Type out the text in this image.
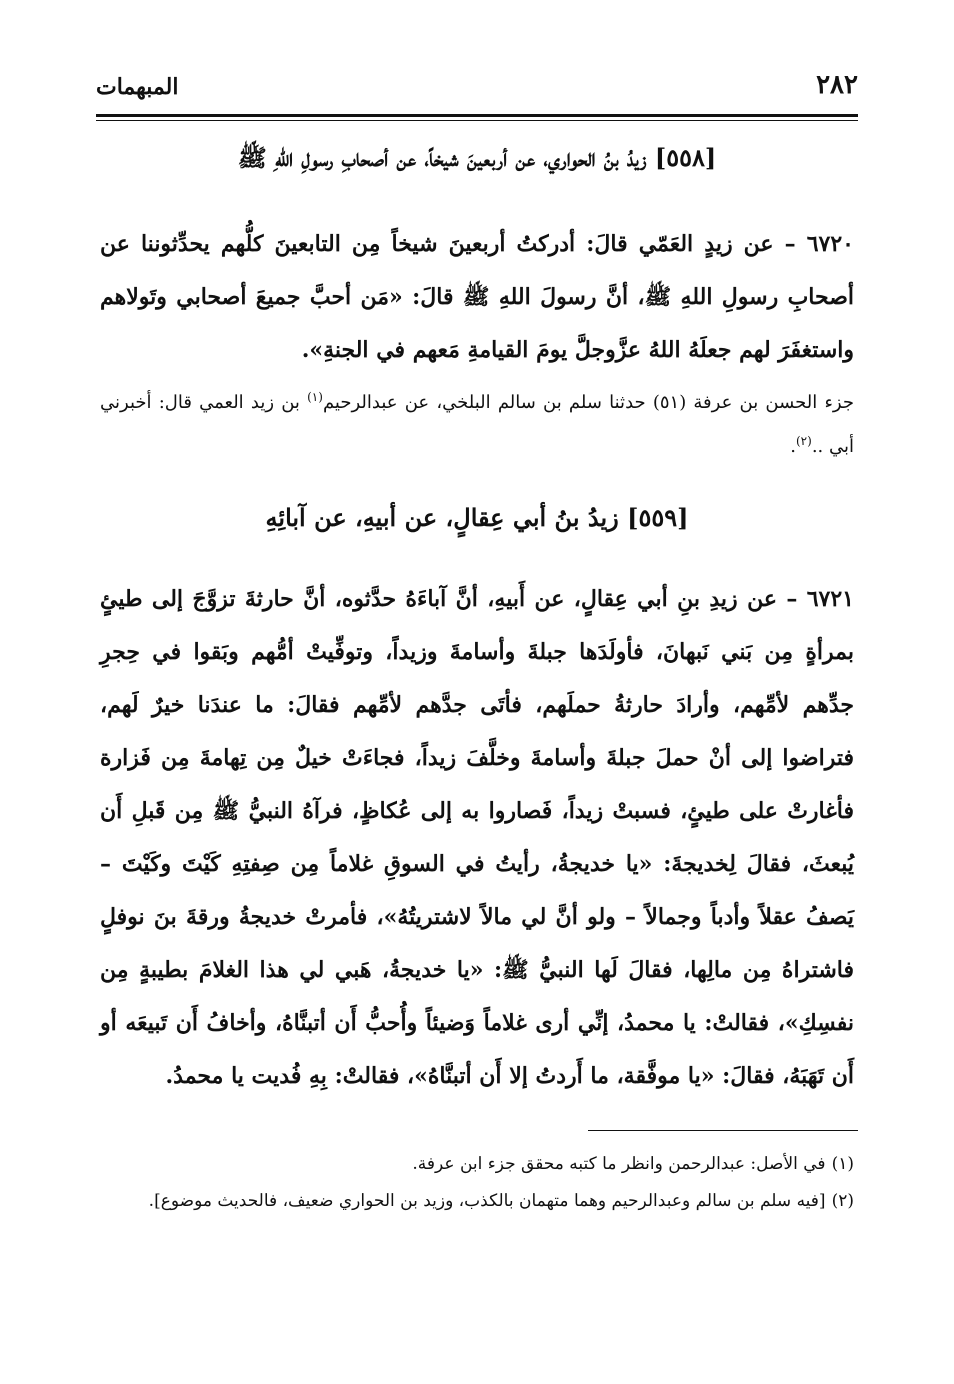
المبهمات	٢٨٢
[٥٥٨] زيدُ بنُ الحواري، عن أربعينَ شيخاً، عن أصحابِ رسولِ اللهِ ﷺ
٦٧٢٠ – عن زيدٍ العَمّي قالَ: أدركتُ أربعينَ شيخاً مِن التابعينَ كلُّهم يحدِّثوننا عن أصحابِ رسولِ اللهِ ﷺ، أنَّ رسولَ اللهِ ﷺ قالَ: «مَن أحبَّ جميعَ أصحابي وتَولاهم واستغفَرَ لهم جعلَهُ اللهُ عزَّوجلَّ يومَ القيامةِ مَعهم في الجنةِ».
جزء الحسن بن عرفة (٥١) حدثنا سلم بن سالم البلخي، عن عبدالرحيم$^{(١)}$ بن زيد العمي قال: أخبرني أبي ..$^{(٢)}$.
[٥٥٩] زيدُ بنُ أبي عِقالٍ، عن أبيهِ، عن آبائِهِ
٦٧٢١ – عن زيدِ بنِ أبي عِقالٍ، عن أَبيهِ، أنَّ آباءَهُ حدَّثوه، أنَّ حارثةَ تزوَّجَ إلى طيئٍ بمرأةٍ مِن بَني نَبهانَ، فأولَدَها جبلةَ وأسامةَ وزيداً، وتوفِّيتْ أمُّهم وبَقوا في حِجرِ جدِّهم لأمِّهم، وأرادَ حارثةُ حملَهم، فأتَى جدَّهم لأمِّهم فقالَ: ما عندَنا خيرٌ لَهم، فتراضوا إلى أنْ حملَ جبلةَ وأسامةَ وخلَّفَ زيداً، فجاءَتْ خيلٌ مِن تِهامةَ مِن فَزارة فأغارتْ على طيئٍ، فسبتْ زيداً، فَصاروا به إلى عُكاظٍ، فرآهُ النبيُّ ﷺ مِن قَبلِ أَن يُبعثَ، فقالَ لِخديجةَ: «يا خديجةُ، رأيتُ في السوقِ غلاماً مِن صِفتِهِ كَيْتَ وكَيْتَ – يَصفُ عقلاً وأدباً وجمالاً – ولو أنَّ لي مالاً لاشتريتُهُ»، فأمرتْ خديجةُ ورقةَ بنَ نوفلٍ فاشتراهُ مِن مالِها، فقالَ لَها النبيُّ ﷺ: «يا خديجةُ، هَبي لي هذا الغلامَ بطيبةٍ مِن نفسِكِ»، فقالتْ: يا محمدُ، إنِّي أرى غلاماً وَضيئاً وأُحبُّ أَن أتبنَّاهُ، وأخافُ أَن تَبيعَه أو أَن تَهَبَهُ، فقالَ: «يا موفَّقة، ما أَردتُ إلا أَن أتبنَّاهُ»، فقالتْ: بِهِ فُديت يا محمدُ.

(١)في الأصل: عبدالرحمن وانظر ما كتبه محقق جزء ابن عرفة.

(٢)[فيه سلم بن سالم وعبدالرحيم وهما متهمان بالكذب، وزيد بن الحواري ضعيف، فالحديث موضوع].
